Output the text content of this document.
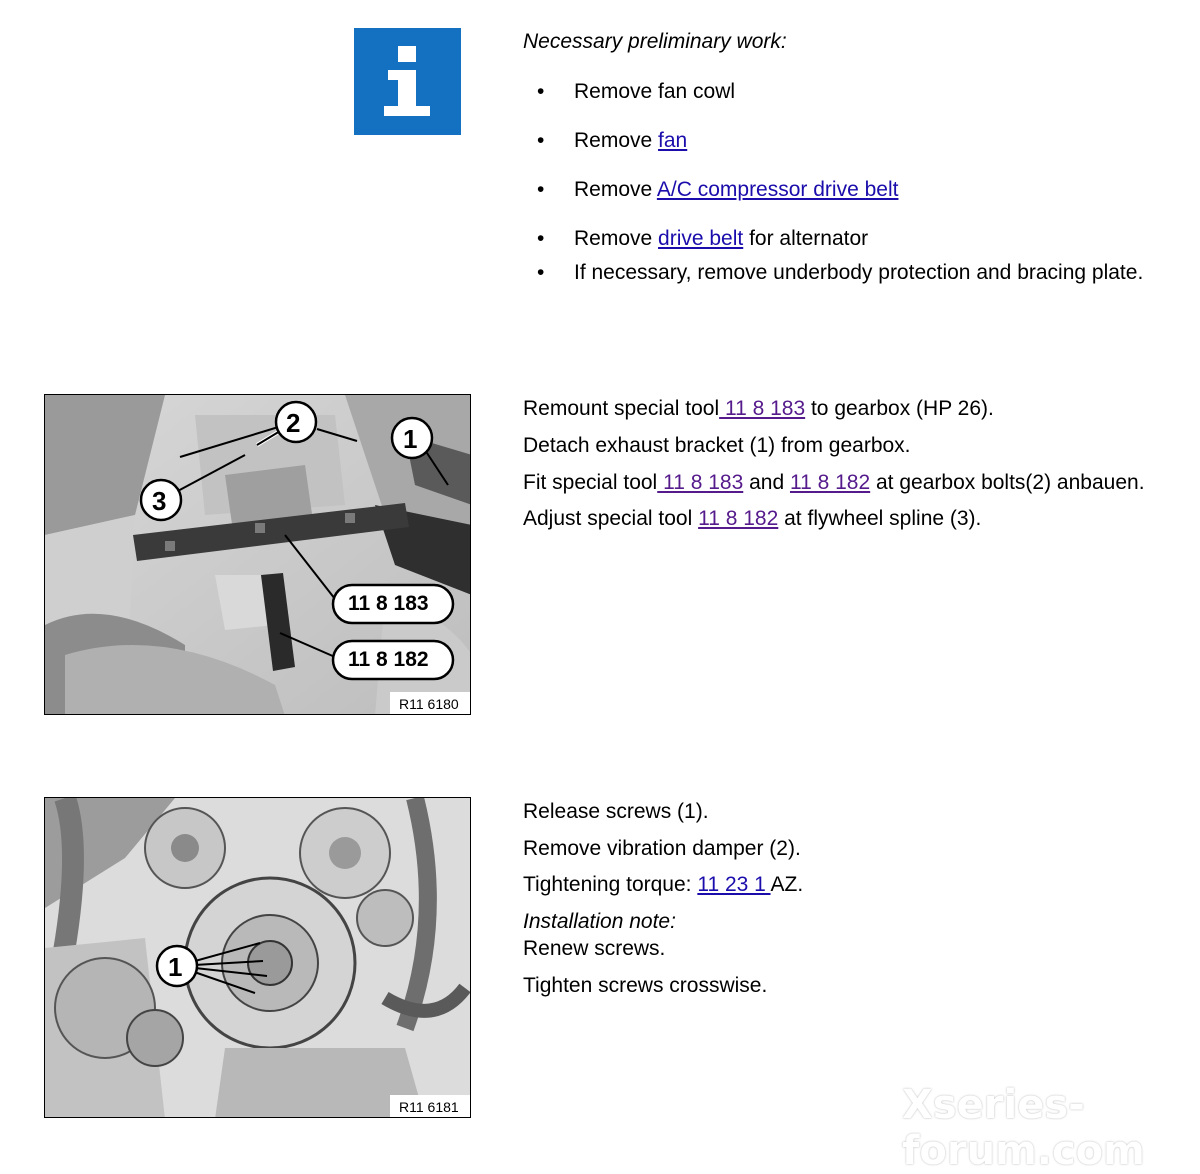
Necessary preliminary work:

• Remove fan cowl
• Remove fan
• Remove A/C compressor drive belt
• Remove drive belt for alternator
• If necessary, remove underbody protection and bracing plate.
2
1
3
11 8 183
11 8 182
R11 6180

Remount special tool 11 8 183 to gearbox (HP 26).

Detach exhaust bracket (1) from gearbox.

Fit special tool 11 8 183 and 11 8 182 at gearbox bolts(2) anbauen.

Adjust special tool 11 8 182 at flywheel spline (3).

1
R11 6181

Release screws (1).

Remove vibration damper (2).

Tightening torque: 11 23 1 AZ.

Installation note:

Renew screws.

Tighten screws crosswise.

Xseries-forum.com
